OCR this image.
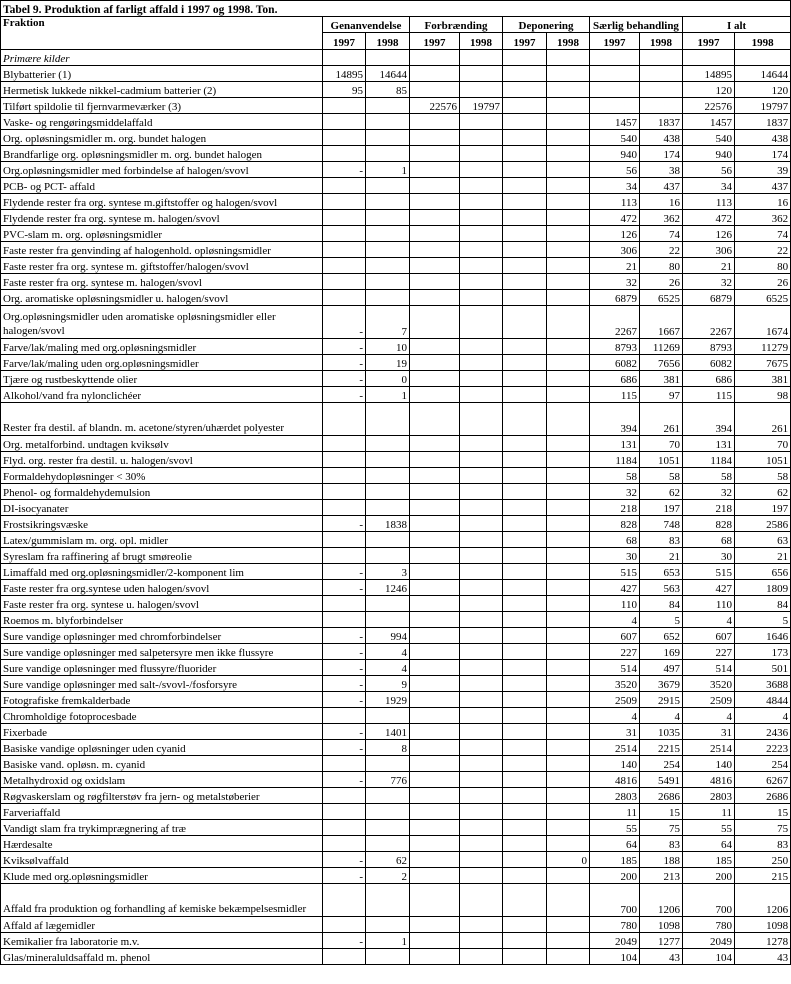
Tabel 9. Produktion af farligt affald i 1997 og 1998. Ton.										
Fraktion	Genanvendelse		Forbrænding		Deponering		Særlig behandling		I alt	
	1997	1998	1997	1998	1997	1998	1997	1998	1997	1998
Primære kilder										
Blybatterier (1)	14895	14644							14895	14644
Hermetisk lukkede nikkel-cadmium batterier (2)	95	85							120	120
Tilført spildolie til fjernvarmeværker (3)			22576	19797					22576	19797
Vaske- og rengøringsmiddelaffald							1457	1837	1457	1837
Org. opløsningsmidler m. org. bundet halogen							540	438	540	438
Brandfarlige org. opløsningsmidler m. org. bundet halogen							940	174	940	174
Org.opløsningsmidler med forbindelse af halogen/svovl	-	1					56	38	56	39
PCB- og PCT- affald							34	437	34	437
Flydende rester fra org. syntese m.giftstoffer og halogen/svovl							113	16	113	16
Flydende rester fra org. syntese m. halogen/svovl							472	362	472	362
PVC-slam m. org. opløsningsmidler							126	74	126	74
Faste rester fra genvinding af halogenhold. opløsningsmidler							306	22	306	22
Faste rester fra org. syntese m. giftstoffer/halogen/svovl							21	80	21	80
Faste rester fra org. syntese m. halogen/svovl							32	26	32	26
Org. aromatiske opløsningsmidler u. halogen/svovl							6879	6525	6879	6525
Org.opløsningsmidler uden aromatiske opløsningsmidler eller halogen/svovl	-	7					2267	1667	2267	1674
Farve/lak/maling med org.opløsningsmidler	-	10					8793	11269	8793	11279
Farve/lak/maling uden org.opløsningsmidler	-	19					6082	7656	6082	7675
Tjære og rustbeskyttende olier	-	0					686	381	686	381
Alkohol/vand fra nylonclichéer	-	1					115	97	115	98
Rester fra destil. af blandn. m. acetone/styren/uhærdet polyester							394	261	394	261
Org. metalforbind. undtagen kviksølv							131	70	131	70
Flyd. org. rester fra destil. u. halogen/svovl							1184	1051	1184	1051
Formaldehydopløsninger < 30%							58	58	58	58
Phenol- og formaldehydemulsion							32	62	32	62
DI-isocyanater							218	197	218	197
Frostsikringsvæske	-	1838					828	748	828	2586
Latex/gummislam m. org. opl. midler							68	83	68	63
Syreslam fra raffinering af brugt smøreolie							30	21	30	21
Limaffald med org.opløsningsmidler/2-komponent lim	-	3					515	653	515	656
Faste rester fra org.syntese uden halogen/svovl	-	1246					427	563	427	1809
Faste rester fra org. syntese u. halogen/svovl							110	84	110	84
Roemos m. blyforbindelser							4	5	4	5
Sure vandige opløsninger med chromforbindelser	-	994					607	652	607	1646
Sure vandige opløsninger med salpetersyre men ikke flussyre	-	4					227	169	227	173
Sure vandige opløsninger med flussyre/fluorider	-	4					514	497	514	501
Sure vandige opløsninger med salt-/svovl-/fosforsyre	-	9					3520	3679	3520	3688
Fotografiske fremkalderbade	-	1929					2509	2915	2509	4844
Chromholdige fotoprocesbade							4	4	4	4
Fixerbade	-	1401					31	1035	31	2436
Basiske vandige opløsninger uden cyanid	-	8					2514	2215	2514	2223
Basiske vand. opløsn. m. cyanid							140	254	140	254
Metalhydroxid og oxidslam	-	776					4816	5491	4816	6267
Røgvaskerslam og røgfilterstøv fra jern- og metalstøberier							2803	2686	2803	2686
Farveriaffald							11	15	11	15
Vandigt slam fra trykimprægnering af træ							55	75	55	75
Hærdesalte							64	83	64	83
Kviksølvaffald	-	62				0	185	188	185	250
Klude med org.opløsningsmidler	-	2					200	213	200	215
Affald fra produktion og forhandling af kemiske bekæmpelsesmidler							700	1206	700	1206
Affald af lægemidler							780	1098	780	1098
Kemikalier fra laboratorie m.v.	-	1					2049	1277	2049	1278
Glas/mineraluldsaffald m. phenol							104	43	104	43
